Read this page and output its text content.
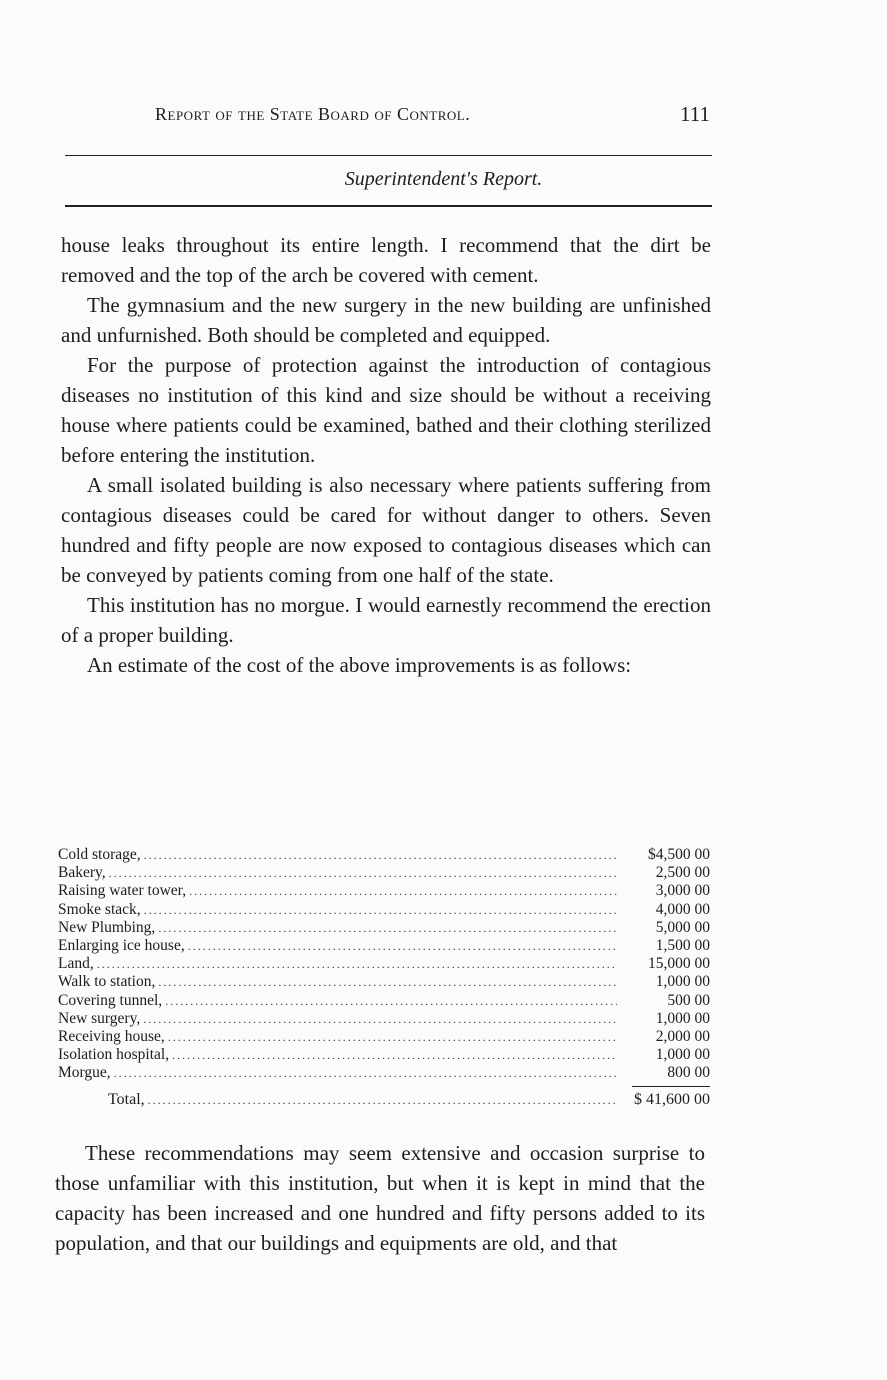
Report of the State Board of Control.	111
Superintendent's Report.

house leaks throughout its entire length. I recommend that the dirt be removed and the top of the arch be covered with cement.

The gymnasium and the new surgery in the new building are unfinished and unfurnished. Both should be completed and equipped.

For the purpose of protection against the introduction of contagious diseases no institution of this kind and size should be without a receiving house where patients could be examined, bathed and their clothing sterilized before entering the institution.

A small isolated building is also necessary where patients suffering from contagious diseases could be cared for without danger to others. Seven hundred and fifty people are now exposed to contagious diseases which can be conveyed by patients coming from one half of the state.

This institution has no morgue. I would earnestly recommend the erection of a proper building.

An estimate of the cost of the above improvements is as follows:

Cold storage, .....	$4,500 00
Bakery, .....	2,500 00
Raising water tower, .....	3,000 00
Smoke stack, .....	4,000 00
New Plumbing, .....	5,000 00
Enlarging ice house, .....	1,500 00
Land, .....	15,000 00
Walk to station, .....	1,000 00
Covering tunnel, .....	500 00
New surgery, .....	1,000 00
Receiving house, .....	2,000 00
Isolation hospital, .....	1,000 00
Morgue, .....	800 00
Total, .....	$ 41,600 00

These recommendations may seem extensive and occasion surprise to those unfamiliar with this institution, but when it is kept in mind that the capacity has been increased and one hundred and fifty persons added to its population, and that our buildings and equipments are old, and that
